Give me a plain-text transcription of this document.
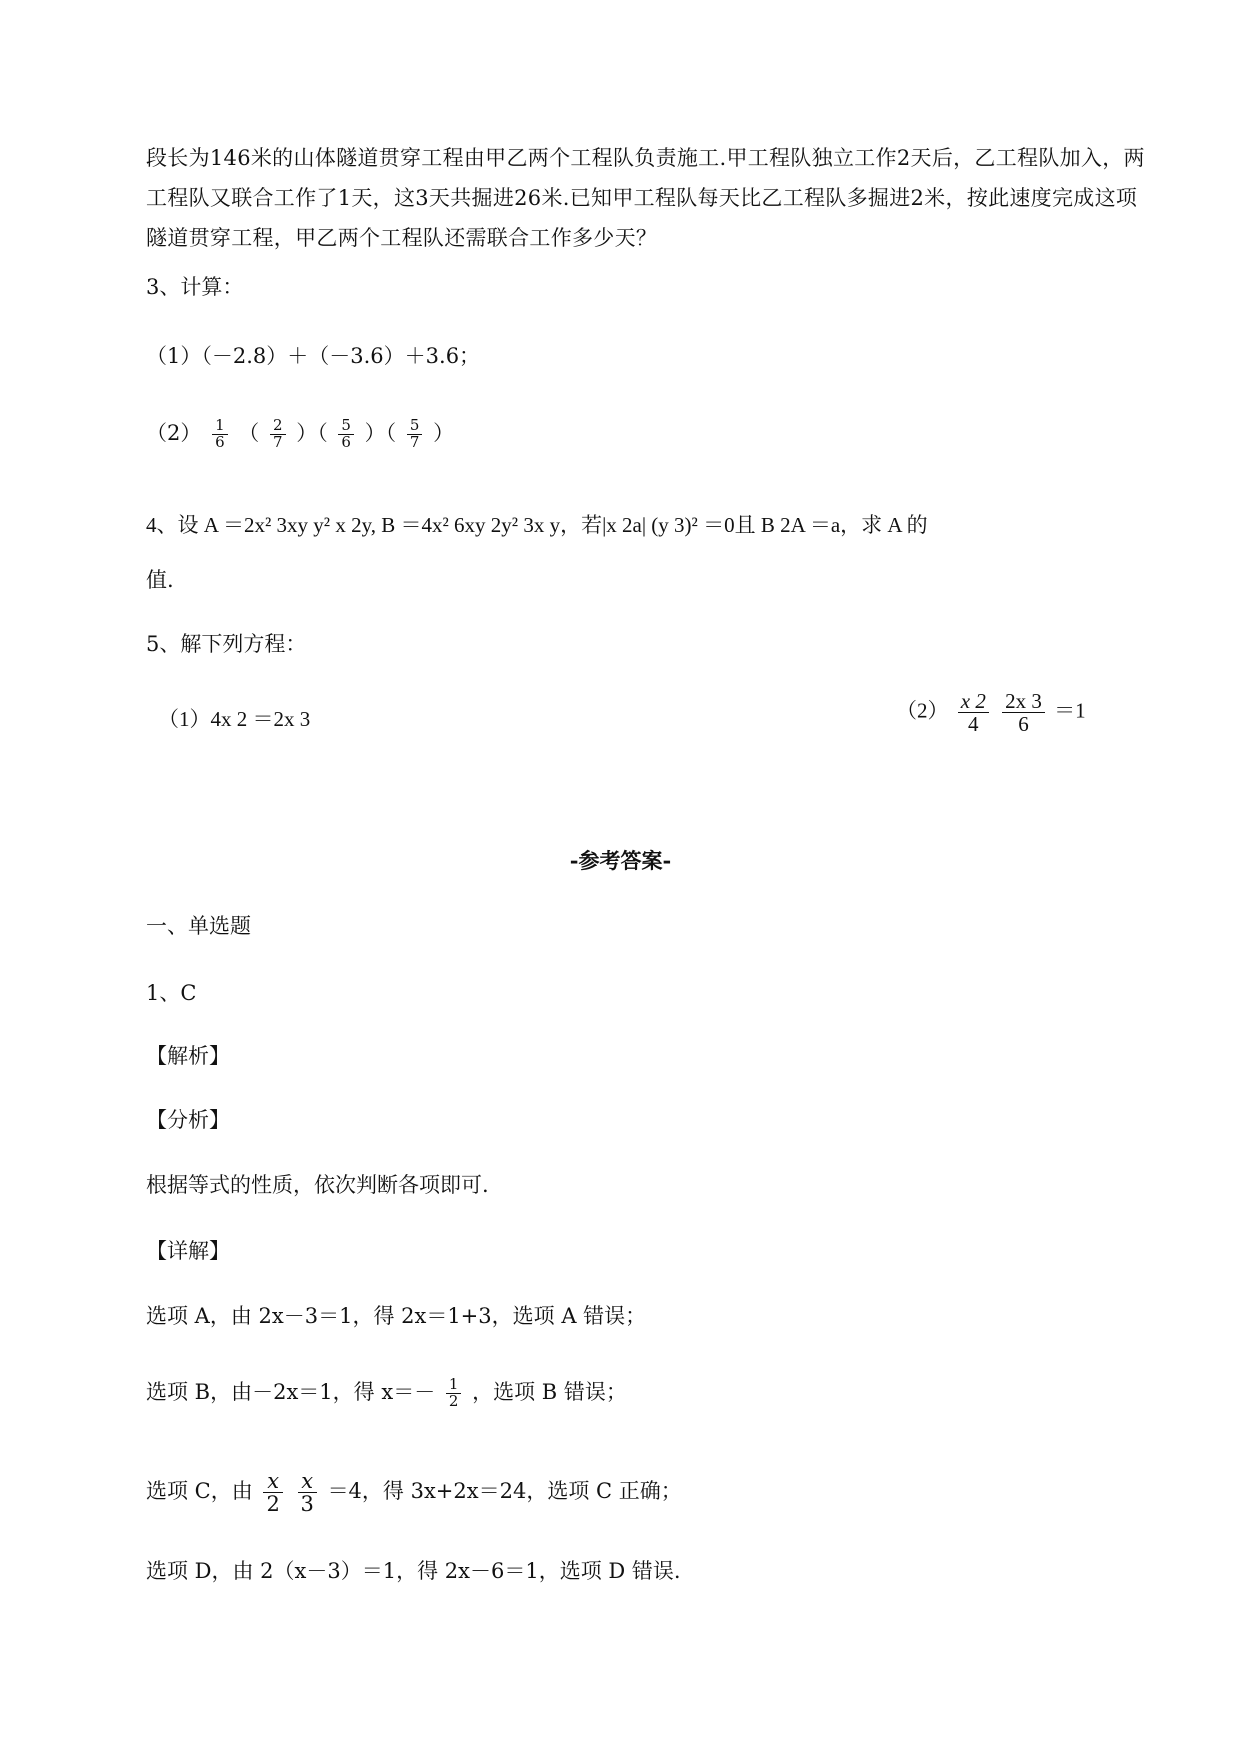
段长为146米的山体隧道贯穿工程由甲乙两个工程队负责施工.甲工程队独立工作2天后，乙工程队加入，两工程队又联合工作了1天，这3天共掘进26米.已知甲工程队每天比乙工程队多掘进2米，按此速度完成这项隧道贯穿工程，甲乙两个工程队还需联合工作多少天？
3、计算：
（1）（－2.8）＋（－3.6）＋3.6；
$(2) \frac{1}{6}$ （ $\frac{2}{7}$ ）（ $\frac{5}{6}$ ）（ $\frac{5}{7}$ ）
4、设 A ＝2x² 3xy y² x 2y, B ＝4x² 6xy 2y² 3x y，若|x 2a| (y 3)² ＝0且 B 2A ＝a，求 A 的
值.
5、解下列方程：
（1）4x 2 ＝2x 3	$(2) \frac{x 2}{4}$
$\frac{2x 3}{6} =1$
-参考答案-
一、单选题
1、C
【解析】
【分析】
根据等式的性质，依次判断各项即可.
【详解】
选项 A，由 2x－3＝1，得 2x＝1+3，选项 A 错误；
选项 B，由－2x＝1，得 $x=- \frac{1}{2}$ ，选项 B 错误；
选项 C，由 $\frac{x}{2}$
$\frac{x}{3} =4$，得 3x+2x＝24，选项 C 正确；
选项 D，由 2（x－3）＝1，得 2x－6＝1，选项 D 错误.
